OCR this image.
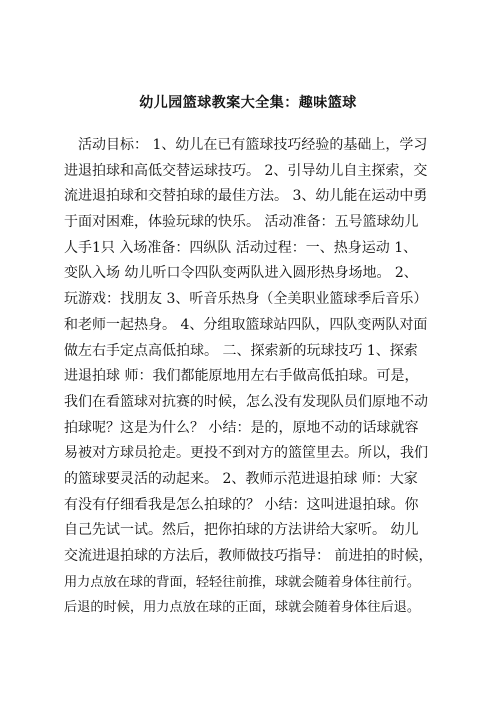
幼儿园篮球教案大全集：趣味篮球
活动目标： 1、幼儿在已有篮球技巧经验的基础上，学习
进退拍球和高低交替运球技巧。 2、引导幼儿自主探索，交
流进退拍球和交替拍球的最佳方法。 3、幼儿能在运动中勇
于面对困难，体验玩球的快乐。 活动准备：五号篮球幼儿
人手1只 入场准备：四纵队 活动过程：一、热身运动 1、
变队入场 幼儿听口令四队变两队进入圆形热身场地。 2、
玩游戏：找朋友 3、听音乐热身（全美职业篮球季后音乐）
和老师一起热身。 4、分组取篮球站四队，四队变两队对面
做左右手定点高低拍球。 二、探索新的玩球技巧 1、探索
进退拍球 师：我们都能原地用左右手做高低拍球。可是，
我们在看篮球对抗赛的时候，怎么没有发现队员们原地不动
拍球呢？这是为什么？ 小结：是的，原地不动的话球就容
易被对方球员抢走。更投不到对方的篮筐里去。所以，我们
的篮球要灵活的动起来。 2、教师示范进退拍球 师：大家
有没有仔细看我是怎么拍球的？ 小结：这叫进退拍球。你
自己先试一试。然后，把你拍球的方法讲给大家听。 幼儿
交流进退拍球的方法后，教师做技巧指导： 前进拍的时候，
用力点放在球的背面，轻轻往前推，球就会随着身体往前行。
后退的时候，用力点放在球的正面，球就会随着身体往后退。
